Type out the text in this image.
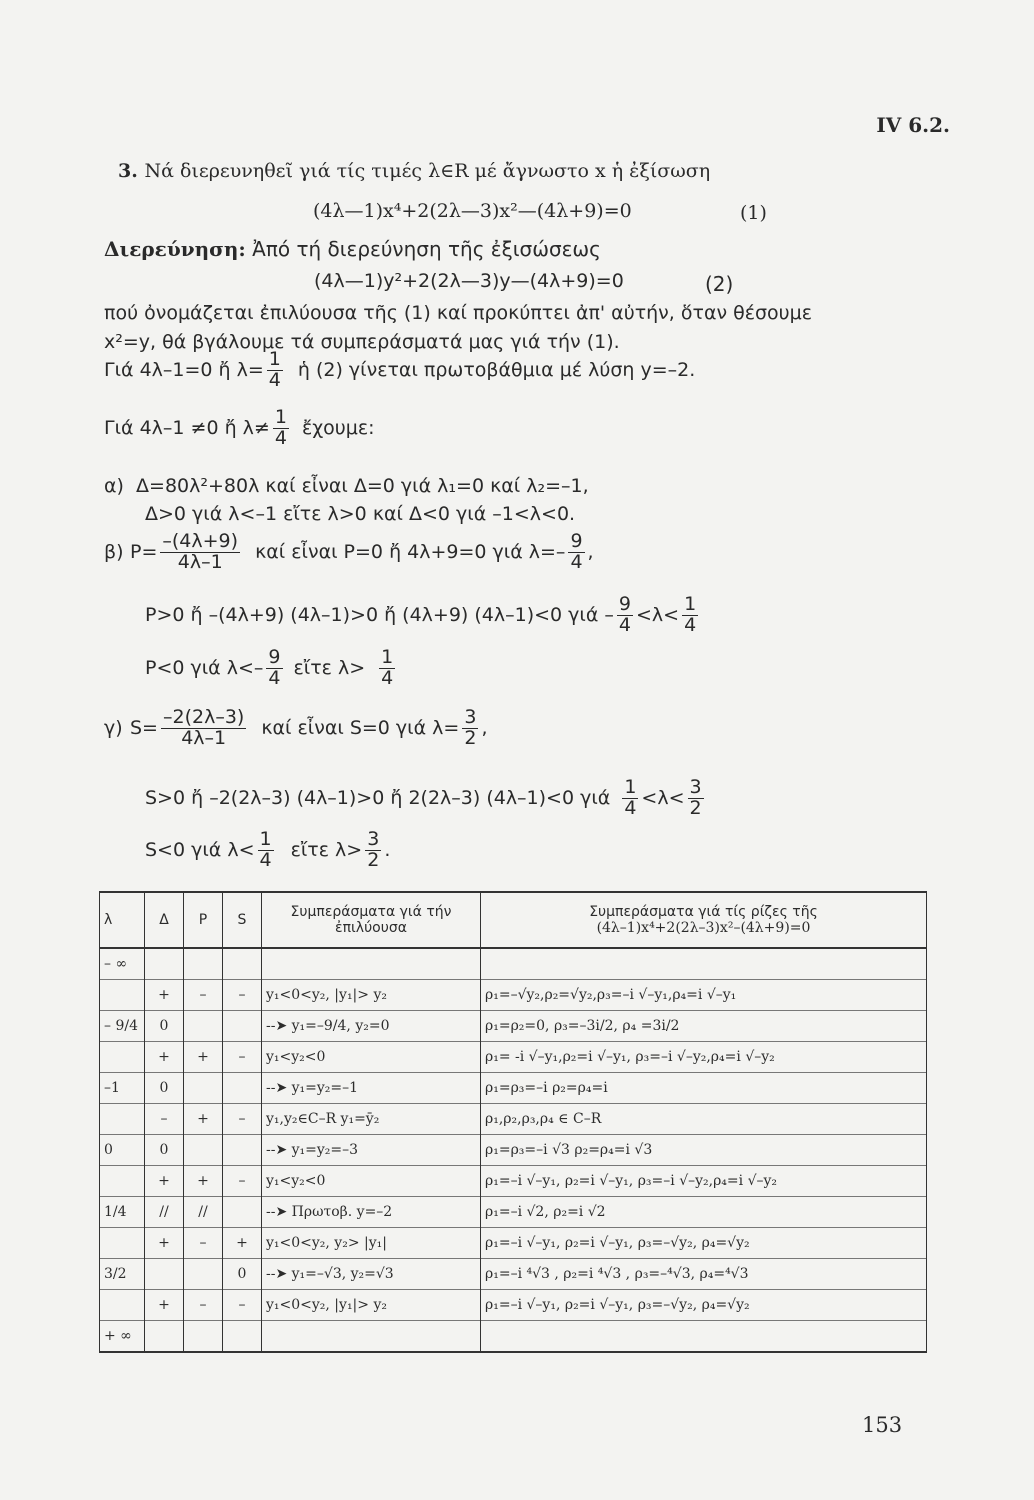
IV 6.2.
3. Νά διερευνηθεῖ γιά τίς τιμές λ∈R μέ ἄγνωστο x ἡ ἐξίσωση
(4λ—1)x⁴+2(2λ—3)x²—(4λ+9)=0	(1)
Διερεύνηση: Ἀπό τή διερεύνηση τῆς ἐξισώσεως
(4λ—1)y²+2(2λ—3)y—(4λ+9)=0	(2)
πού ὀνομάζεται ἐπιλύουσα τῆς (1) καί προκύπτει ἀπ' αὐτήν, ὅταν θέσουμε
x²=y, θά βγάλουμε τά συμπεράσματά μας γιά τήν (1).
Γιά 4λ–1=0 ἤ $\lambda= \frac{1}{4}$ ἡ (2) γίνεται πρωτοβάθμια μέ λύση y=–2.
Γιά 4λ–1 ≠0 ἤ $\lambda\ne \frac{1}{4}$ ἔχουμε:
α) Δ=80λ²+80λ καί εἶναι Δ=0 γιά λ₁=0 καί λ₂=–1,
Δ>0 γιά λ<–1 εἴτε λ>0 καί Δ<0 γιά –1<λ<0.
β) $P= \frac{-(4\lambda+9)}{4\lambda-1}$ καί εἶναι P=0 ἤ 4λ+9=0 γιά $\lambda=- \frac{9}{4}$ ,
P>0 ἤ –(4λ+9) (4λ–1)>0 ἤ (4λ+9) (4λ–1)<0 $\gamma\iota ά - \frac{9}{4} <\lambda< \frac{1}{4}$
P<0 γιά $\lambda<- \frac{9}{4}$ εἴτε $\lambda> \frac{1}{4}$
γ) $S= \frac{-2(2\lambda-3)}{4\lambda-1}$ καί εἶναι S=0 γιά $\lambda= \frac{3}{2}$ ,
S>0 ἤ –2(2λ–3) (4λ–1)>0 ἤ 2(2λ–3) (4λ–1)<0 γιά $\frac{1}{4} <\lambda< \frac{3}{2}$
S<0 γιά $\lambda< \frac{1}{4}$ εἴτε $\lambda> \frac{3}{2}$ .
λ	Δ	P	S	Συμπεράσματα γιά τήν ἐπιλύουσα	Συμπεράσματα γιά τίς ρίζες τῆς
(4λ–1)x⁴+2(2λ–3)x²–(4λ+9)=0

– ∞					
	+	–	–	y₁<0<y₂, |y₁|> y₂	ρ₁=–√y₂,ρ₂=√y₂,ρ₃=–i √–y₁,ρ₄=i √–y₁
– 9/4	0			--➤ y₁=–9/4, y₂=0	ρ₁=ρ₂=0, ρ₃=–3i/2, ρ₄ =3i/2
	+	+	–	y₁<y₂<0	ρ₁= -i √–y₁,ρ₂=i √–y₁, ρ₃=–i √–y₂,ρ₄=i √–y₂
–1	0			--➤ y₁=y₂=–1	ρ₁=ρ₃=–i ρ₂=ρ₄=i
	–	+	–	y₁,y₂∈C–R y₁=ȳ₂	ρ₁,ρ₂,ρ₃,ρ₄ ∈ C–R
0	0			--➤ y₁=y₂=–3	ρ₁=ρ₃=–i √3 ρ₂=ρ₄=i √3
	+	+	–	y₁<y₂<0	ρ₁=–i √–y₁, ρ₂=i √–y₁, ρ₃=–i √–y₂,ρ₄=i √–y₂
1/4	//	//		--➤ Πρωτοβ. y=–2	ρ₁=–i √2, ρ₂=i √2
	+	–	+	y₁<0<y₂, y₂> |y₁|	ρ₁=–i √–y₁, ρ₂=i √–y₁, ρ₃=–√y₂, ρ₄=√y₂
3/2			0	--➤ y₁=–√3, y₂=√3	ρ₁=–i ⁴√3 , ρ₂=i ⁴√3 , ρ₃=–⁴√3, ρ₄=⁴√3
	+	–	–	y₁<0<y₂, |y₁|> y₂	ρ₁=–i √–y₁, ρ₂=i √–y₁, ρ₃=–√y₂, ρ₄=√y₂
+ ∞					
153
